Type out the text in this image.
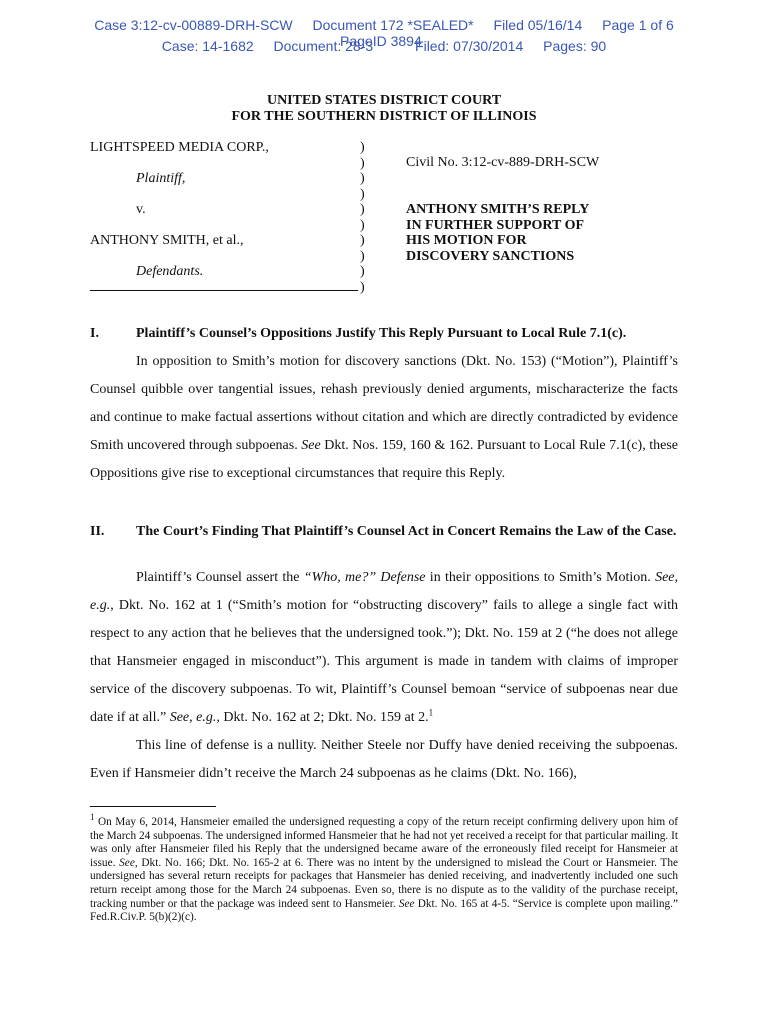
Case 3:12-cv-00889-DRH-SCW Document 172 *SEALED* Filed 05/16/14 Page 1 of 6
PageID 3894
Case: 14-1682 Document: 28-3	Filed: 07/30/2014 Pages: 90
UNITED STATES DISTRICT COURT
FOR THE SOUTHERN DISTRICT OF ILLINOIS
LIGHTSPEED MEDIA CORP.,
Plaintiff,
v.
ANTHONY SMITH, et al.,
Defendants.
)
)
)
)
)
)
)
)
)
)
Civil No. 3:12-cv-889-DRH-SCW
ANTHONY SMITH’S REPLY
IN FURTHER SUPPORT OF
HIS MOTION FOR
DISCOVERY SANCTIONS
I.	Plaintiff’s Counsel’s Oppositions Justify This Reply Pursuant to Local Rule 7.1(c).

In opposition to Smith’s motion for discovery sanctions (Dkt. No. 153) (“Motion”), Plaintiff’s Counsel quibble over tangential issues, rehash previously denied arguments, mischaracterize the facts and continue to make factual assertions without citation and which are directly contradicted by evidence Smith uncovered through subpoenas. See Dkt. Nos. 159, 160 & 162. Pursuant to Local Rule 7.1(c), these Oppositions give rise to exceptional circumstances that require this Reply.

II. The Court’s Finding That Plaintiff’s Counsel Act in Concert Remains the Law of the Case.

Plaintiff’s Counsel assert the “Who, me?” Defense in their oppositions to Smith’s Motion. See, e.g., Dkt. No. 162 at 1 (“Smith’s motion for “obstructing discovery” fails to allege a single fact with respect to any action that he believes that the undersigned took.”); Dkt. No. 159 at 2 (“he does not allege that Hansmeier engaged in misconduct”). This argument is made in tandem with claims of improper service of the discovery subpoenas. To wit, Plaintiff’s Counsel bemoan “service of subpoenas near due date if at all.” See, e.g., Dkt. No. 162 at 2; Dkt. No. 159 at 2.$^1$

This line of defense is a nullity. Neither Steele nor Duffy have denied receiving the subpoenas. Even if Hansmeier didn’t receive the March 24 subpoenas as he claims (Dkt. No. 166),

$^1$ On May 6, 2014, Hansmeier emailed the undersigned requesting a copy of the return receipt confirming delivery upon him of the March 24 subpoenas. The undersigned informed Hansmeier that he had not yet received a receipt for that particular mailing. It was only after Hansmeier filed his Reply that the undersigned became aware of the erroneously filed receipt for Hansmeier at issue. See, Dkt. No. 166; Dkt. No. 165-2 at 6. There was no intent by the undersigned to mislead the Court or Hansmeier. The undersigned has several return receipts for packages that Hansmeier has denied receiving, and inadvertently included one such return receipt among those for the March 24 subpoenas. Even so, there is no dispute as to the validity of the purchase receipt, tracking number or that the package was indeed sent to Hansmeier. See Dkt. No. 165 at 4-5. “Service is complete upon mailing.” Fed.R.Civ.P. 5(b)(2)(c).
